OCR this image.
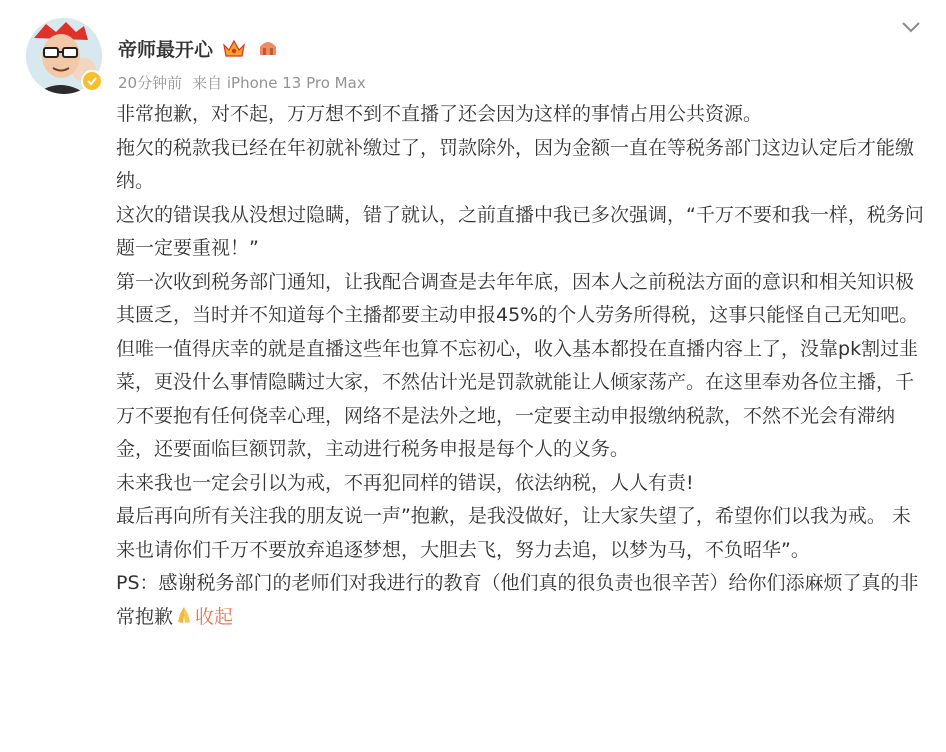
帝师最开心
20分钟前 来自 iPhone 13 Pro Max

非常抱歉，对不起，万万想不到不直播了还会因为这样的事情占用公共资源。

拖欠的税款我已经在年初就补缴过了，罚款除外，因为金额一直在等税务部门这边认定后才能缴纳。

这次的错误我从没想过隐瞒，错了就认，之前直播中我已多次强调，“千万不要和我一样，税务问题一定要重视！”

第一次收到税务部门通知，让我配合调查是去年年底，因本人之前税法方面的意识和相关知识极其匮乏，当时并不知道每个主播都要主动申报45%的个人劳务所得税，这事只能怪自己无知吧。但唯一值得庆幸的就是直播这些年也算不忘初心，收入基本都投在直播内容上了，没靠pk割过韭菜，更没什么事情隐瞒过大家，不然估计光是罚款就能让人倾家荡产。在这里奉劝各位主播，千万不要抱有任何侥幸心理，网络不是法外之地，一定要主动申报缴纳税款，不然不光会有滞纳金，还要面临巨额罚款，主动进行税务申报是每个人的义务。

未来我也一定会引以为戒，不再犯同样的错误，依法纳税，人人有责!

最后再向所有关注我的朋友说一声”抱歉，是我没做好，让大家失望了，希望你们以我为戒。 未来也请你们千万不要放弃追逐梦想，大胆去飞，努力去追，以梦为马，不负昭华”。

PS：感谢税务部门的老师们对我进行的教育（他们真的很负责也很辛苦）给你们添麻烦了真的非常抱歉 收起
